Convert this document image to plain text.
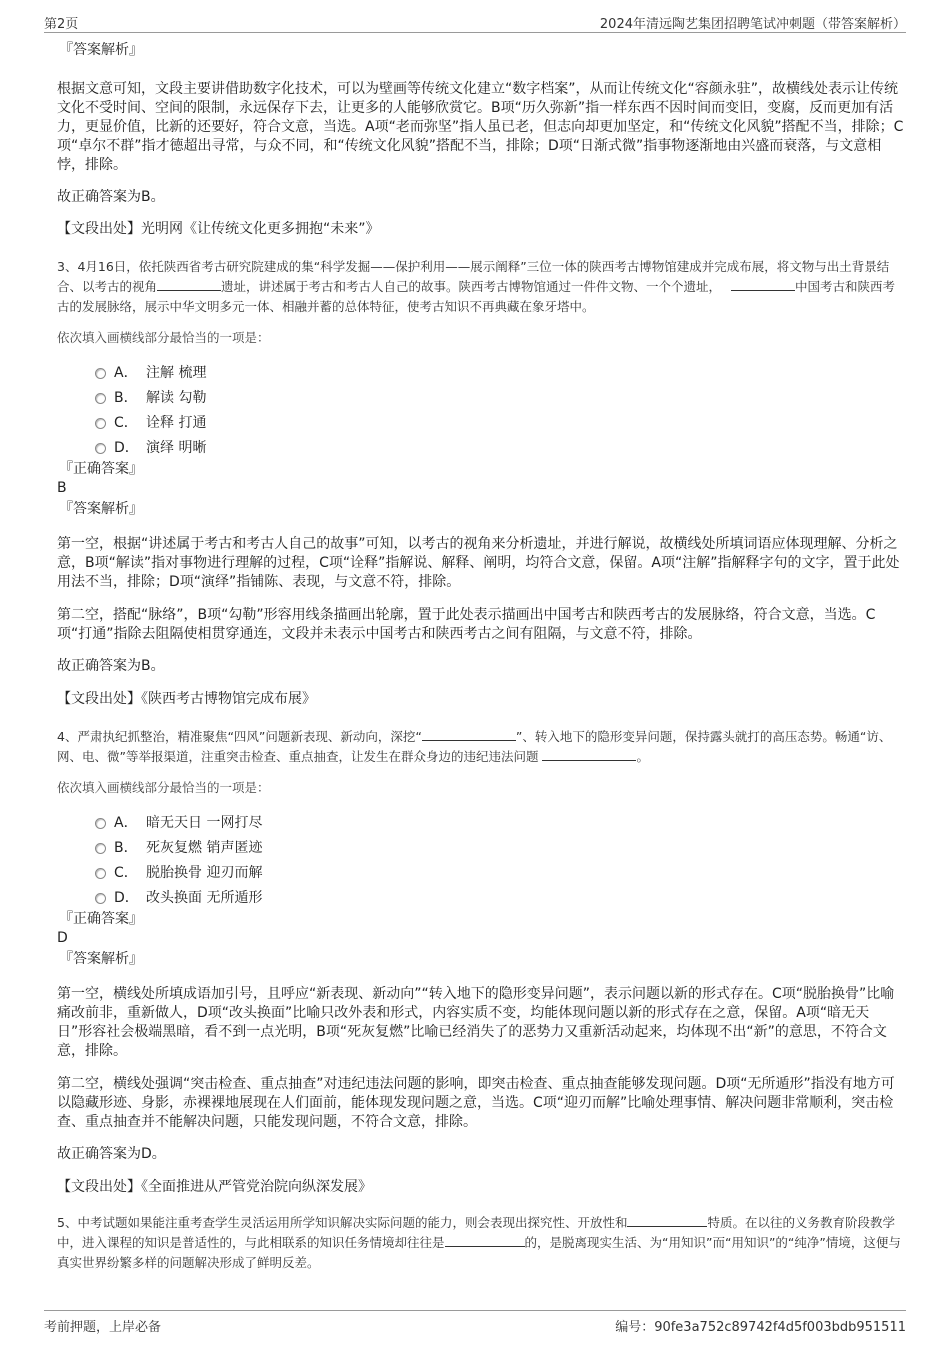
第2页	2024年清远陶艺集团招聘笔试冲刺题（带答案解析）
『答案解析』

根据文意可知，文段主要讲借助数字化技术，可以为壁画等传统文化建立“数字档案”，从而让传统文化“容颜永驻”，故横线处表示让传统文化不受时间、空间的限制，永远保存下去，让更多的人能够欣赏它。B项“历久弥新”指一样东西不因时间而变旧，变腐，反而更加有活力，更显价值，比新的还要好，符合文意，当选。A项“老而弥坚”指人虽已老，但志向却更加坚定，和“传统文化风貌”搭配不当，排除；C项“卓尔不群”指才德超出寻常，与众不同，和“传统文化风貌”搭配不当，排除；D项“日渐式微”指事物逐渐地由兴盛而衰落，与文意相悖，排除。

故正确答案为B。

【文段出处】光明网《让传统文化更多拥抱“未来”》

3、4月16日，依托陕西省考古研究院建成的集“科学发掘——保护利用——展示阐释”三位一体的陕西考古博物馆建成并完成布展，将文物与出土背景结合、以考古的视角	遗址，讲述属于考古和考古人自己的故事。陕西考古博物馆通过一件件文物、一个个遗址，	中国考古和陕西考古的发展脉络，展示中华文明多元一体、相融并蓄的总体特征，使考古知识不再典藏在象牙塔中。

依次填入画横线部分最恰当的一项是：

A． 注解 梳理
B． 解读 勾勒
C． 诠释 打通
D． 演绎 明晰
『正确答案』
B
『答案解析』

第一空，根据“讲述属于考古和考古人自己的故事”可知，以考古的视角来分析遗址，并进行解说，故横线处所填词语应体现理解、分析之意，B项“解读”指对事物进行理解的过程，C项“诠释”指解说、解释、阐明，均符合文意，保留。A项“注解”指解释字句的文字，置于此处用法不当，排除；D项“演绎”指铺陈、表现，与文意不符，排除。

第二空，搭配“脉络”，B项“勾勒”形容用线条描画出轮廓，置于此处表示描画出中国考古和陕西考古的发展脉络，符合文意，当选。C项“打通”指除去阻隔使相贯穿通连，文段并未表示中国考古和陕西考古之间有阻隔，与文意不符，排除。

故正确答案为B。

【文段出处】《陕西考古博物馆完成布展》

4、严肃执纪抓整治，精准聚焦“四风”问题新表现、新动向，深挖“	”、转入地下的隐形变异问题，保持露头就打的高压态势。畅通“访、网、电、微”等举报渠道，注重突击检查、重点抽查，让发生在群众身边的违纪违法问题	。

依次填入画横线部分最恰当的一项是：

A． 暗无天日 一网打尽
B． 死灰复燃 销声匿迹
C． 脱胎换骨 迎刃而解
D． 改头换面 无所遁形
『正确答案』
D
『答案解析』

第一空，横线处所填成语加引号，且呼应“新表现、新动向”“转入地下的隐形变异问题”，表示问题以新的形式存在。C项“脱胎换骨”比喻痛改前非，重新做人，D项“改头换面”比喻只改外表和形式，内容实质不变，均能体现问题以新的形式存在之意，保留。A项“暗无天日”形容社会极端黑暗，看不到一点光明，B项“死灰复燃”比喻已经消失了的恶势力又重新活动起来，均体现不出“新”的意思，不符合文意，排除。

第二空，横线处强调“突击检查、重点抽查”对违纪违法问题的影响，即突击检查、重点抽查能够发现问题。D项“无所遁形”指没有地方可以隐藏形迹、身影，赤裸裸地展现在人们面前，能体现发现问题之意，当选。C项“迎刃而解”比喻处理事情、解决问题非常顺利，突击检查、重点抽查并不能解决问题，只能发现问题，不符合文意，排除。

故正确答案为D。

【文段出处】《全面推进从严管党治院向纵深发展》

5、中考试题如果能注重考查学生灵活运用所学知识解决实际问题的能力，则会表现出探究性、开放性和	特质。在以往的义务教育阶段教学中，进入课程的知识是普适性的，与此相联系的知识任务情境却往往是	的，是脱离现实生活、为“用知识”而“用知识”的“纯净”情境，这便与真实世界纷繁多样的问题解决形成了鲜明反差。

考前押题，上岸必备	编号：90fe3a752c89742f4d5f003bdb951511
